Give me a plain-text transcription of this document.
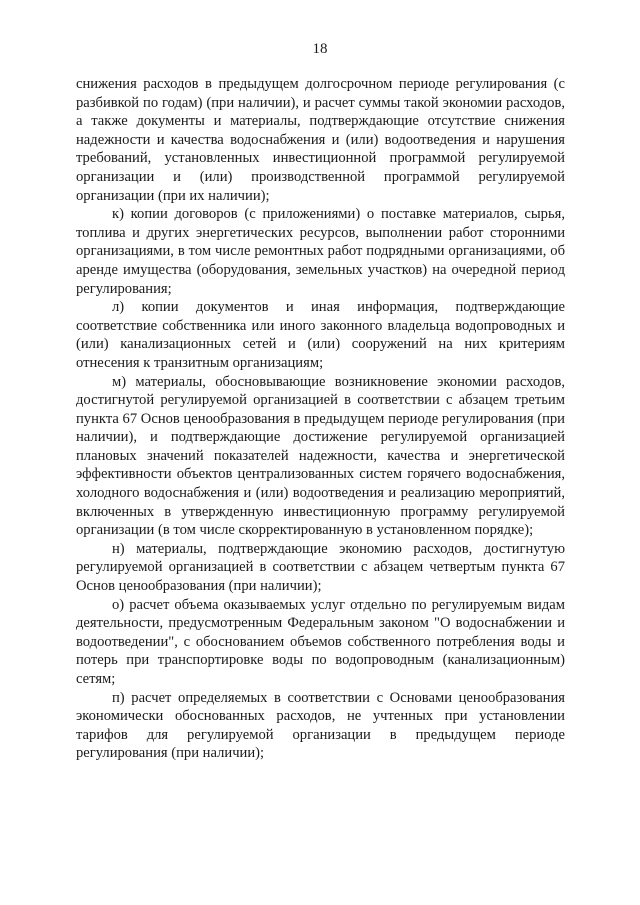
18

снижения расходов в предыдущем долгосрочном периоде регулирования (с разбивкой по годам) (при наличии), и расчет суммы такой экономии расходов, а также документы и материалы, подтверждающие отсутствие снижения надежности и качества водоснабжения и (или) водоотведения и нарушения требований, установленных инвестиционной программой регулируемой организации и (или) производственной программой регулируемой организации (при их наличии);

к) копии договоров (с приложениями) о поставке материалов, сырья, топлива и других энергетических ресурсов, выполнении работ сторонними организациями, в том числе ремонтных работ подрядными организациями, об аренде имущества (оборудования, земельных участков) на очередной период регулирования;

л) копии документов и иная информация, подтверждающие соответствие собственника или иного законного владельца водопроводных и (или) канализационных сетей и (или) сооружений на них критериям отнесения к транзитным организациям;

м) материалы, обосновывающие возникновение экономии расходов, достигнутой регулируемой организацией в соответствии с абзацем третьим пункта 67 Основ ценообразования в предыдущем периоде регулирования (при наличии), и подтверждающие достижение регулируемой организацией плановых значений показателей надежности, качества и энергетической эффективности объектов централизованных систем горячего водоснабжения, холодного водоснабжения и (или) водоотведения и реализацию мероприятий, включенных в утвержденную инвестиционную программу регулируемой организации (в том числе скорректированную в установленном порядке);

н) материалы, подтверждающие экономию расходов, достигнутую регулируемой организацией в соответствии с абзацем четвертым пункта 67 Основ ценообразования (при наличии);

о) расчет объема оказываемых услуг отдельно по регулируемым видам деятельности, предусмотренным Федеральным законом "О водоснабжении и водоотведении", с обоснованием объемов собственного потребления воды и потерь при транспортировке воды по водопроводным (канализационным) сетям;

п) расчет определяемых в соответствии с Основами ценообразования экономически обоснованных расходов, не учтенных при установлении тарифов для регулируемой организации в предыдущем периоде регулирования (при наличии);
